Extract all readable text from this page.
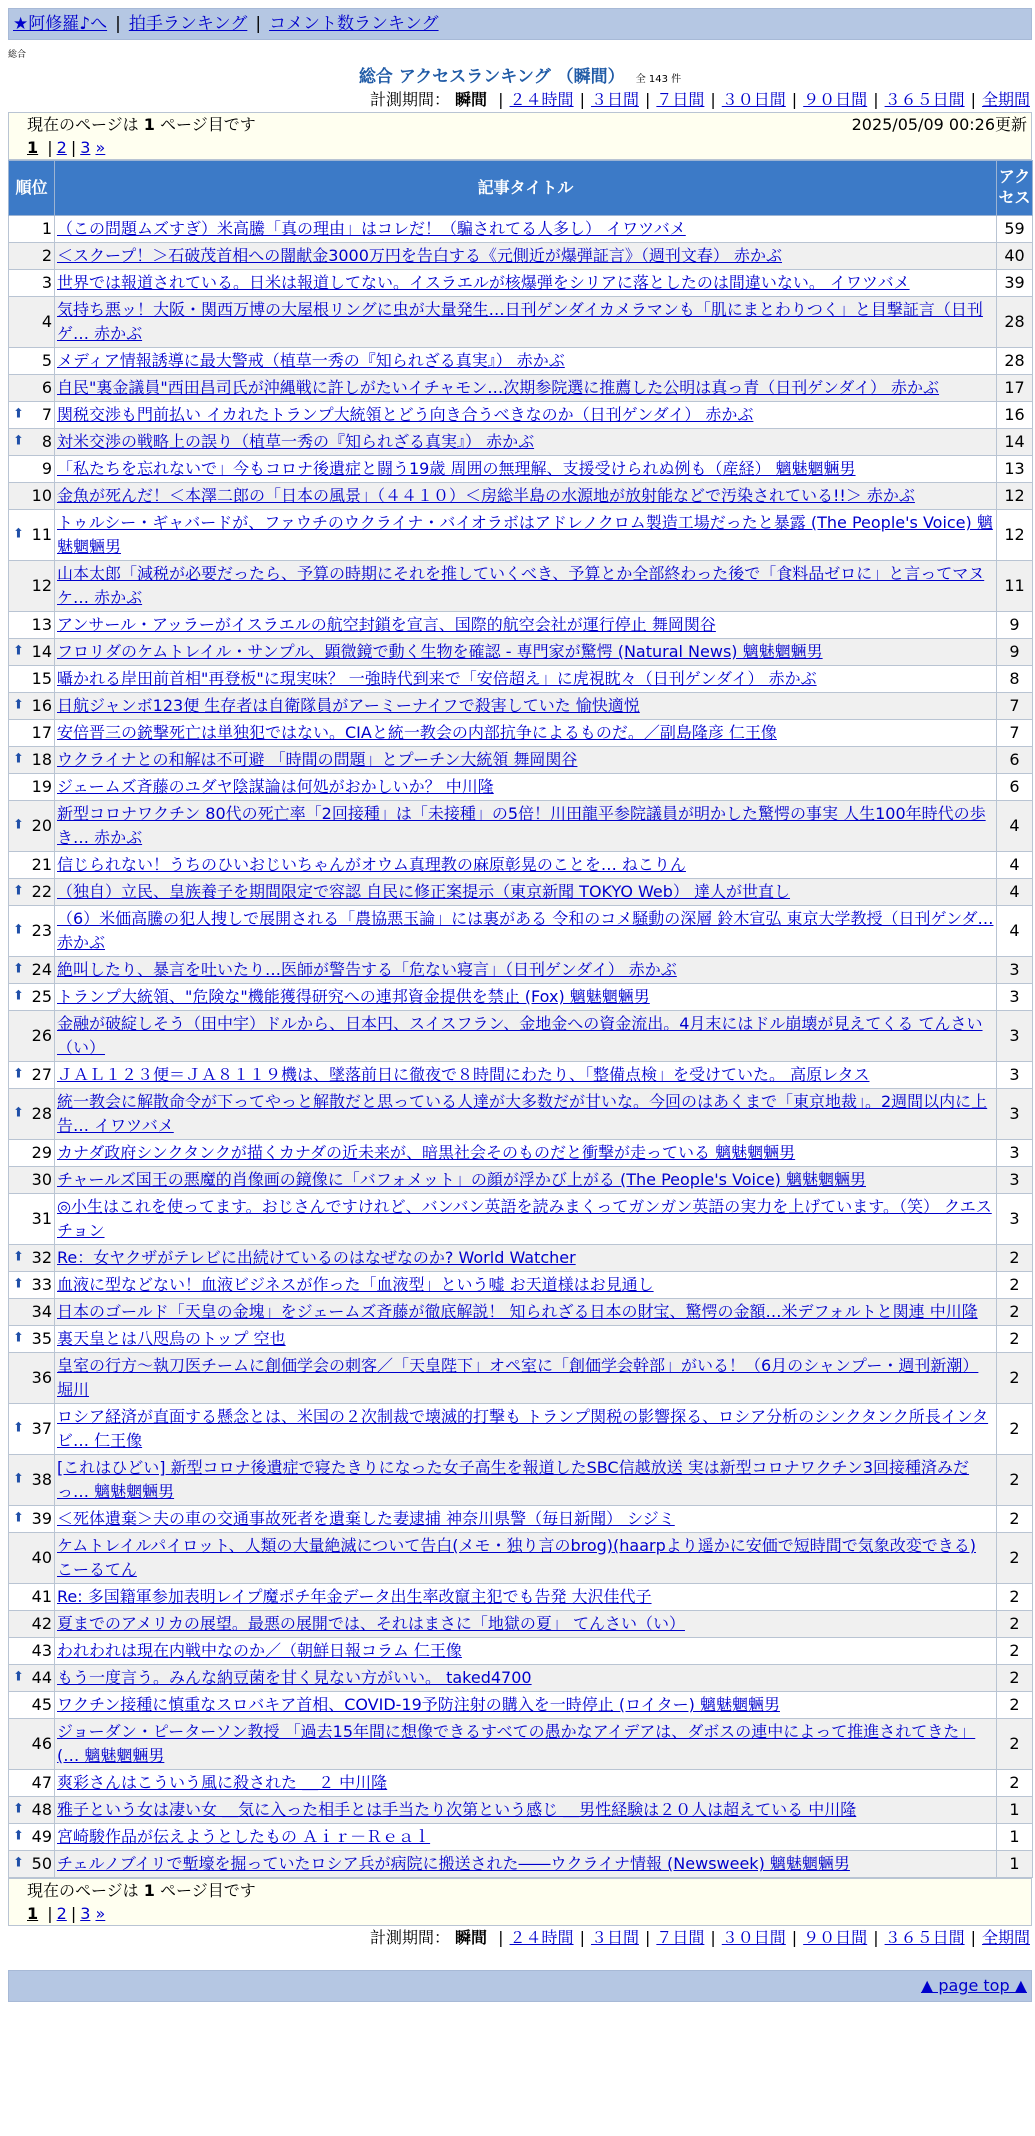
★阿修羅♪へ | 拍手ランキング | コメント数ランキング
総合
総合 アクセスランキング （瞬間） 全 143 件
計測期間： 瞬間 | ２４時間 | ３日間 | ７日間 | ３０日間 | ９０日間 | ３６５日間 | 全期間
現在のページは 1 ページ目です	2025/05/09 00:26更新
1 | 2 | 3 »
順位	記事タイトル	アクセス
1	（この問題ムズすぎ）米高騰「真の理由」はコレだ！（騙されてる人多し） イワツバメ	59
2	＜スクープ！＞石破茂首相への闇献金3000万円を告白する《元側近が爆弾証言》（週刊文春） 赤かぶ	40
3	世界では報道されている。日米は報道してない。イスラエルが核爆弾をシリアに落としたのは間違いない。 イワツバメ	39
4	気持ち悪ッ！大阪・関西万博の大屋根リングに虫が大量発生…日刊ゲンダイカメラマンも「肌にまとわりつく」と目撃証言（日刊ゲ… 赤かぶ	28
5	メディア情報誘導に最大警戒（植草一秀の『知られざる真実』） 赤かぶ	28
6	自民"裏金議員"西田昌司氏が沖縄戦に許しがたいイチャモン…次期参院選に推薦した公明は真っ青（日刊ゲンダイ） 赤かぶ	17

⬆ 7	関税交渉も門前払い イカれたトランプ大統領とどう向き合うべきなのか（日刊ゲンダイ） 赤かぶ	16

⬆ 8	対米交渉の戦略上の誤り（植草一秀の『知られざる真実』） 赤かぶ	14
9	「私たちを忘れないで」今もコロナ後遺症と闘う19歳 周囲の無理解、支援受けられぬ例も（産経） 魑魅魍魎男	13
10	金魚が死んだ！＜本澤二郎の「日本の風景」（４４１０）＜房総半島の水源地が放射能などで汚染されている!!＞ 赤かぶ	12

⬆ 11	トゥルシー・ギャバードが、ファウチのウクライナ・バイオラボはアドレノクロム製造工場だったと暴露 (The People's Voice) 魑魅魍魎男	12
12	山本太郎「減税が必要だったら、予算の時期にそれを推していくべき、予算とか全部終わった後で「食料品ゼロに」と言ってマヌケ… 赤かぶ	11
13	アンサール・アッラーがイスラエルの航空封鎖を宣言、国際的航空会社が運行停止 舞岡関谷	9

⬆ 14	フロリダのケムトレイル・サンプル、顕微鏡で動く生物を確認 - 専門家が驚愕 (Natural News) 魑魅魍魎男	9
15	囁かれる岸田前首相"再登板"に現実味？ 一強時代到来で「安倍超え」に虎視眈々（日刊ゲンダイ） 赤かぶ	8

⬆ 16	日航ジャンボ123便 生存者は自衛隊員がアーミーナイフで殺害していた 愉快適悦	7
17	安倍晋三の銃撃死亡は単独犯ではない。CIAと統一教会の内部抗争によるものだ。／副島隆彦 仁王像	7

⬆ 18	ウクライナとの和解は不可避 「時間の問題」とプーチン大統領 舞岡関谷	6
19	ジェームズ斉藤のユダヤ陰謀論は何処がおかしいか？ 中川隆	6

⬆ 20	新型コロナワクチン 80代の死亡率「2回接種」は「未接種」の5倍！川田龍平参院議員が明かした驚愕の事実 人生100年時代の歩き… 赤かぶ	4
21	信じられない！うちのひいおじいちゃんがオウム真理教の麻原彰晃のことを… ねこりん	4

⬆ 22	（独自）立民、皇族養子を期間限定で容認 自民に修正案提示（東京新聞 TOKYO Web） 達人が世直し	4

⬆ 23	（6）米価高騰の犯人捜しで展開される「農協悪玉論」には裏がある 令和のコメ騒動の深層 鈴木宣弘 東京大学教授（日刊ゲンダ… 赤かぶ	4

⬆ 24	絶叫したり、暴言を吐いたり…医師が警告する「危ない寝言」（日刊ゲンダイ） 赤かぶ	3

⬆ 25	トランプ大統領、"危険な"機能獲得研究への連邦資金提供を禁止 (Fox) 魑魅魍魎男	3
26	金融が破綻しそう（田中宇）ドルから、日本円、スイスフラン、金地金への資金流出。4月末にはドル崩壊が見えてくる てんさい（い）	3

⬆ 27	ＪＡＬ１２３便＝ＪＡ８１１９機は、墜落前日に徹夜で８時間にわたり、「整備点検」を受けていた。 高原レタス	3

⬆ 28	統一教会に解散命令が下ってやっと解散だと思っている人達が大多数だが甘いな。今回のはあくまで「東京地裁」。2週間以内に上告… イワツバメ	3
29	カナダ政府シンクタンクが描くカナダの近未来が、暗黒社会そのものだと衝撃が走っている 魑魅魍魎男	3
30	チャールズ国王の悪魔的肖像画の鏡像に「バフォメット」の顔が浮かび上がる (The People's Voice) 魑魅魍魎男	3
31	◎小生はこれを使ってます。おじさんですけれど、バンバン英語を読みまくってガンガン英語の実力を上げています。（笑） クエスチョン	3

⬆ 32	Re：女ヤクザがテレビに出続けているのはなぜなのか? World Watcher	2

⬆ 33	血液に型などない！血液ビジネスが作った「血液型」という嘘 お天道様はお見通し	2
34	日本のゴールド「天皇の金塊」をジェームズ斉藤が徹底解説！ 知られざる日本の財宝、驚愕の金額…米デフォルトと関連 中川隆	2

⬆ 35	裏天皇とは八咫烏のトップ 空也	2
36	皇室の行方～執刀医チームに創価学会の刺客／「天皇陛下」オペ室に「創価学会幹部」がいる！（6月のシャンプー・週刊新潮） 堀川	2

⬆ 37	ロシア経済が直面する懸念とは、米国の２次制裁で壊滅的打撃も トランプ関税の影響探る、ロシア分析のシンクタンク所長インタビ… 仁王像	2

⬆ 38	[これはひどい] 新型コロナ後遺症で寝たきりになった女子高生を報道したSBC信越放送 実は新型コロナワクチン3回接種済みだっ… 魑魅魍魎男	2

⬆ 39	＜死体遺棄＞夫の車の交通事故死者を遺棄した妻逮捕 神奈川県警（毎日新聞） シジミ	2
40	ケムトレイルパイロット、人類の大量絶滅について告白(メモ・独り言のbrog)(haarpより遥かに安価で短時間で気象改変できる) こーるてん	2
41	Re: 多国籍軍参加表明レイプ魔ポチ年金データ出生率改竄主犯でも告発 大沢佳代子	2
42	夏までのアメリカの展望。最悪の展開では、それはまさに「地獄の夏」 てんさい（い）	2
43	われわれは現在内戦中なのか／（朝鮮日報コラム 仁王像	2

⬆ 44	もう一度言う。みんな納豆菌を甘く見ない方がいい。 taked4700	2
45	ワクチン接種に慎重なスロバキア首相、COVID-19予防注射の購入を一時停止 (ロイター) 魑魅魍魎男	2
46	ジョーダン・ピーターソン教授 「過去15年間に想像できるすべての愚かなアイデアは、ダボスの連中によって推進されてきた」(… 魑魅魍魎男	2
47	爽彩さんはこういう風に殺された ＿２ 中川隆	2

⬆ 48	雅子という女は凄い女 ＿気に入った相手とは手当たり次第という感じ ＿男性経験は２０人は超えている 中川隆	1

⬆ 49	宮崎駿作品が伝えようとしたもの Ａｉｒ－Ｒｅａｌ	1

⬆ 50	チェルノブイリで塹壕を掘っていたロシア兵が病院に搬送された――ウクライナ情報 (Newsweek) 魑魅魍魎男	1
現在のページは 1 ページ目です
1 | 2 | 3 »
計測期間： 瞬間 | ２４時間 | ３日間 | ７日間 | ３０日間 | ９０日間 | ３６５日間 | 全期間
▲ page top ▲
